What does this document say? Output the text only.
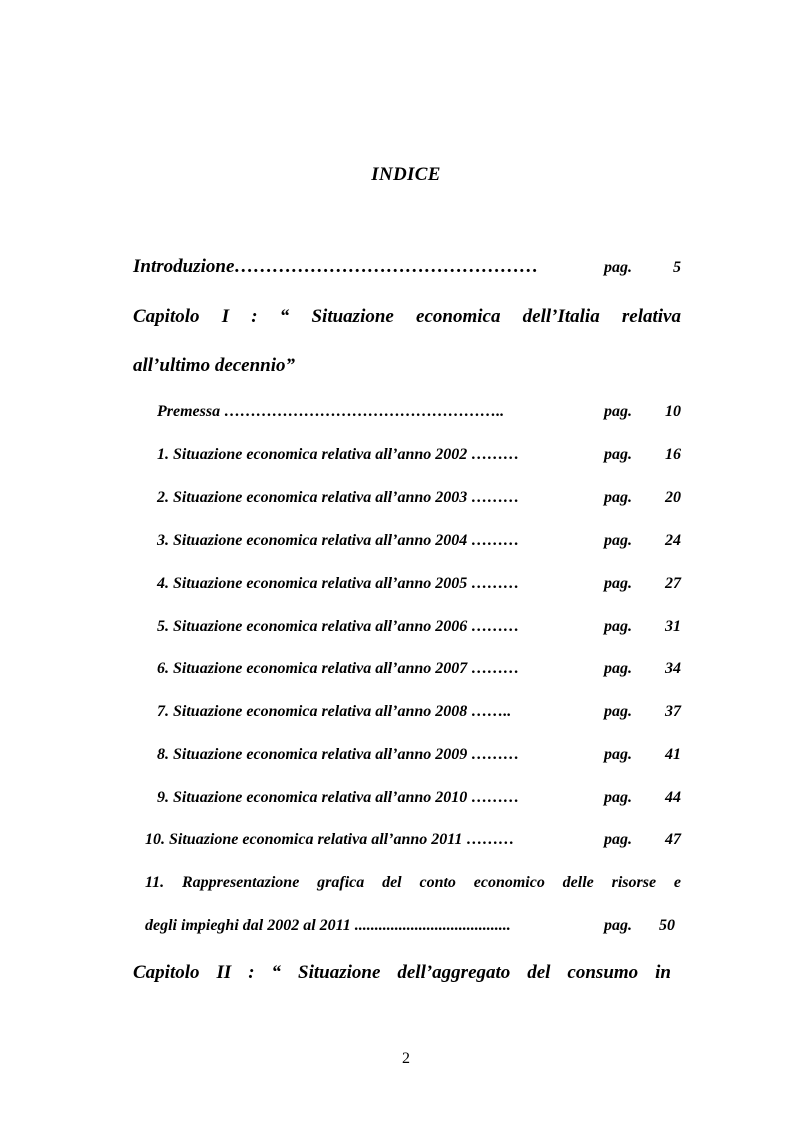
INDICE
Introduzione…………………………………………	pag.	5
Capitolo I : “ Situazione economica dell’Italia relativa
all’ultimo decennio”
Premessa ……………………………………………..	pag.	10
1. Situazione economica relativa all’anno 2002 ………	pag.	16
2. Situazione economica relativa all’anno 2003 ………	pag.	20
3. Situazione economica relativa all’anno 2004 ………	pag.	24
4. Situazione economica relativa all’anno 2005 ………	pag.	27
5. Situazione economica relativa all’anno 2006 ………	pag.	31
6. Situazione economica relativa all’anno 2007 ………	pag.	34
7. Situazione economica relativa all’anno 2008 ……..	pag.	37
8. Situazione economica relativa all’anno 2009 ………	pag.	41
9. Situazione economica relativa all’anno 2010 ………	pag.	44
10. Situazione economica relativa all’anno 2011 ………	pag.	47
11. Rappresentazione grafica del conto economico delle risorse e
degli impieghi dal 2002 al 2011 .......................................	pag.	50
Capitolo II : “ Situazione dell’aggregato del consumo in
2
